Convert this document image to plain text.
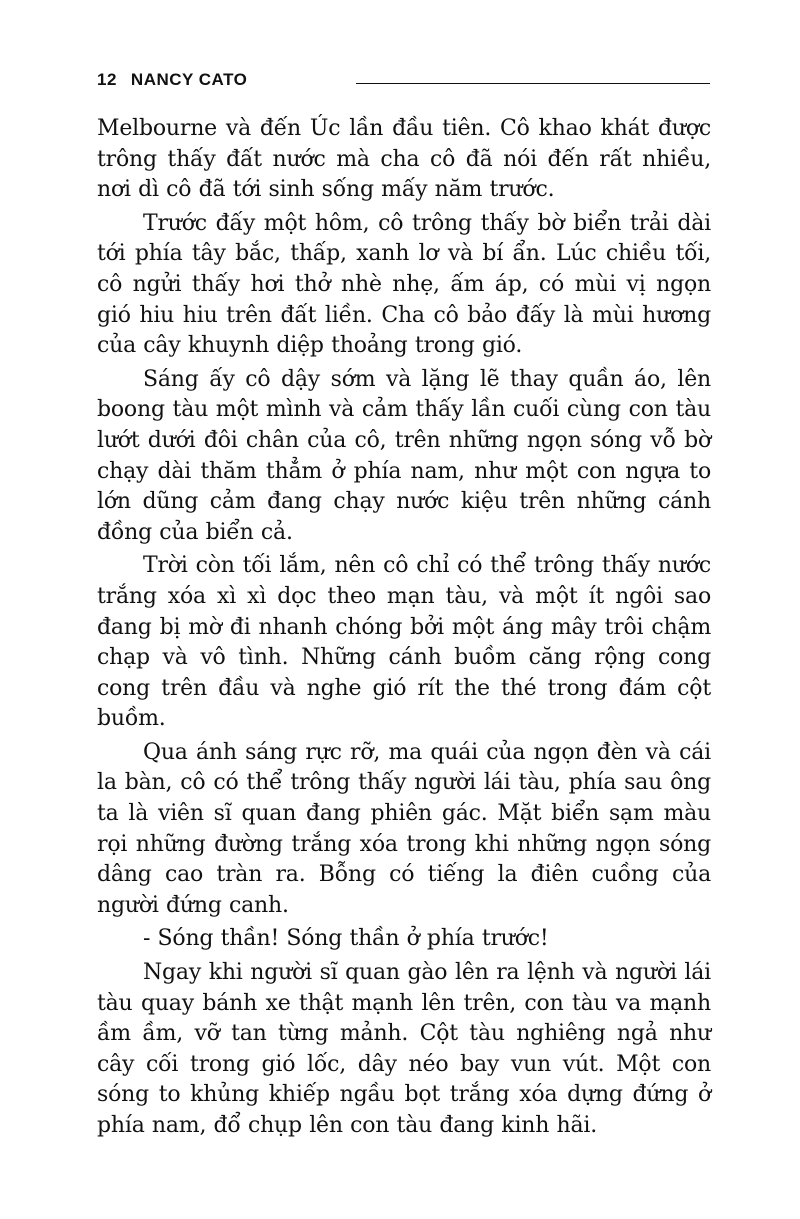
12 NANCY CATO

Melbourne và đến Úc lần đầu tiên. Cô khao khát được trông thấy đất nước mà cha cô đã nói đến rất nhiều, nơi dì cô đã tới sinh sống mấy năm trước.

Trước đấy một hôm, cô trông thấy bờ biển trải dài tới phía tây bắc, thấp, xanh lơ và bí ẩn. Lúc chiều tối, cô ngửi thấy hơi thở nhè nhẹ, ấm áp, có mùi vị ngọn gió hiu hiu trên đất liền. Cha cô bảo đấy là mùi hương của cây khuynh diệp thoảng trong gió.

Sáng ấy cô dậy sớm và lặng lẽ thay quần áo, lên boong tàu một mình và cảm thấy lần cuối cùng con tàu lướt dưới đôi chân của cô, trên những ngọn sóng vỗ bờ chạy dài thăm thẳm ở phía nam, như một con ngựa to lớn dũng cảm đang chạy nước kiệu trên những cánh đồng của biển cả.

Trời còn tối lắm, nên cô chỉ có thể trông thấy nước trắng xóa xì xì dọc theo mạn tàu, và một ít ngôi sao đang bị mờ đi nhanh chóng bởi một áng mây trôi chậm chạp và vô tình. Những cánh buồm căng rộng cong cong trên đầu và nghe gió rít the thé trong đám cột buồm.

Qua ánh sáng rực rỡ, ma quái của ngọn đèn và cái la bàn, cô có thể trông thấy người lái tàu, phía sau ông ta là viên sĩ quan đang phiên gác. Mặt biển sạm màu rọi những đường trắng xóa trong khi những ngọn sóng dâng cao tràn ra. Bỗng có tiếng la điên cuồng của người đứng canh.

- Sóng thần! Sóng thần ở phía trước!

Ngay khi người sĩ quan gào lên ra lệnh và người lái tàu quay bánh xe thật mạnh lên trên, con tàu va mạnh ầm ầm, vỡ tan từng mảnh. Cột tàu nghiêng ngả như cây cối trong gió lốc, dây néo bay vun vút. Một con sóng to khủng khiếp ngầu bọt trắng xóa dựng đứng ở phía nam, đổ chụp lên con tàu đang kinh hãi.
